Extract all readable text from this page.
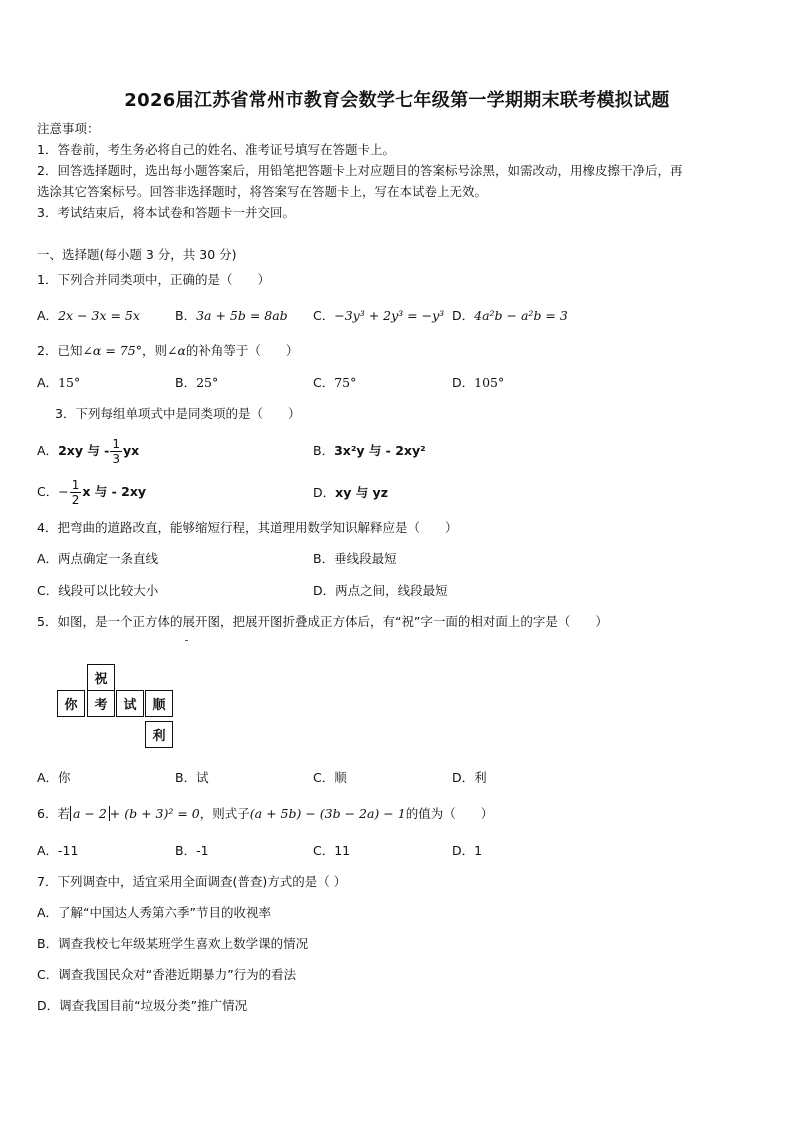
2026届江苏省常州市教育会数学七年级第一学期期末联考模拟试题
注意事项：
1．答卷前，考生务必将自己的姓名、准考证号填写在答题卡上。
2．回答选择题时，选出每小题答案后，用铅笔把答题卡上对应题目的答案标号涂黑，如需改动，用橡皮擦干净后，再
选涂其它答案标号。回答非选择题时，将答案写在答题卡上，写在本试卷上无效。
3．考试结束后，将本试卷和答题卡一并交回。
一、选择题(每小题 3 分，共 30 分)
1．下列合并同类项中，正确的是（　　）
A．2x − 3x = 5x	B．3a + 5b = 8ab C．−3y³ + 2y³ = −y³ D．4a²b − a²b = 3
2．已知∠α = 75°，则∠α的补角等于（　　）
A．15°	B．25°	C．75°	D．105°
3．下列每组单项式中是同类项的是（　　）
A．2xy 与 - $\frac{1}{3}$ yx	B．3x²y 与 - 2xy²
C．− $\frac{1}{2}$ x 与 - 2xy	D．xy 与 yz
4．把弯曲的道路改直，能够缩短行程，其道理用数学知识解释应是（　　）
A．两点确定一条直线	B．垂线段最短
C．线段可以比较大小	D．两点之间，线段最短
5．如图，是一个正方体的展开图，把展开图折叠成正方体后，有“祝”字一面的相对面上的字是（　　）
祝
你	考	试	顺
利
A．你	B．试	C．顺	D．利
6．若 a − 2 + (b + 3)² = 0，则式子(a + 5b) − (3b − 2a) − 1的值为（　　）
A．-11	B．-1	C．11	D．1
7．下列调查中，适宜采用全面调查(普查)方式的是（ ）
A．了解“中国达人秀第六季”节目的收视率
B．调查我校七年级某班学生喜欢上数学课的情况
C．调查我国民众对“香港近期暴力”行为的看法
D．调查我国目前“垃圾分类”推广情况
